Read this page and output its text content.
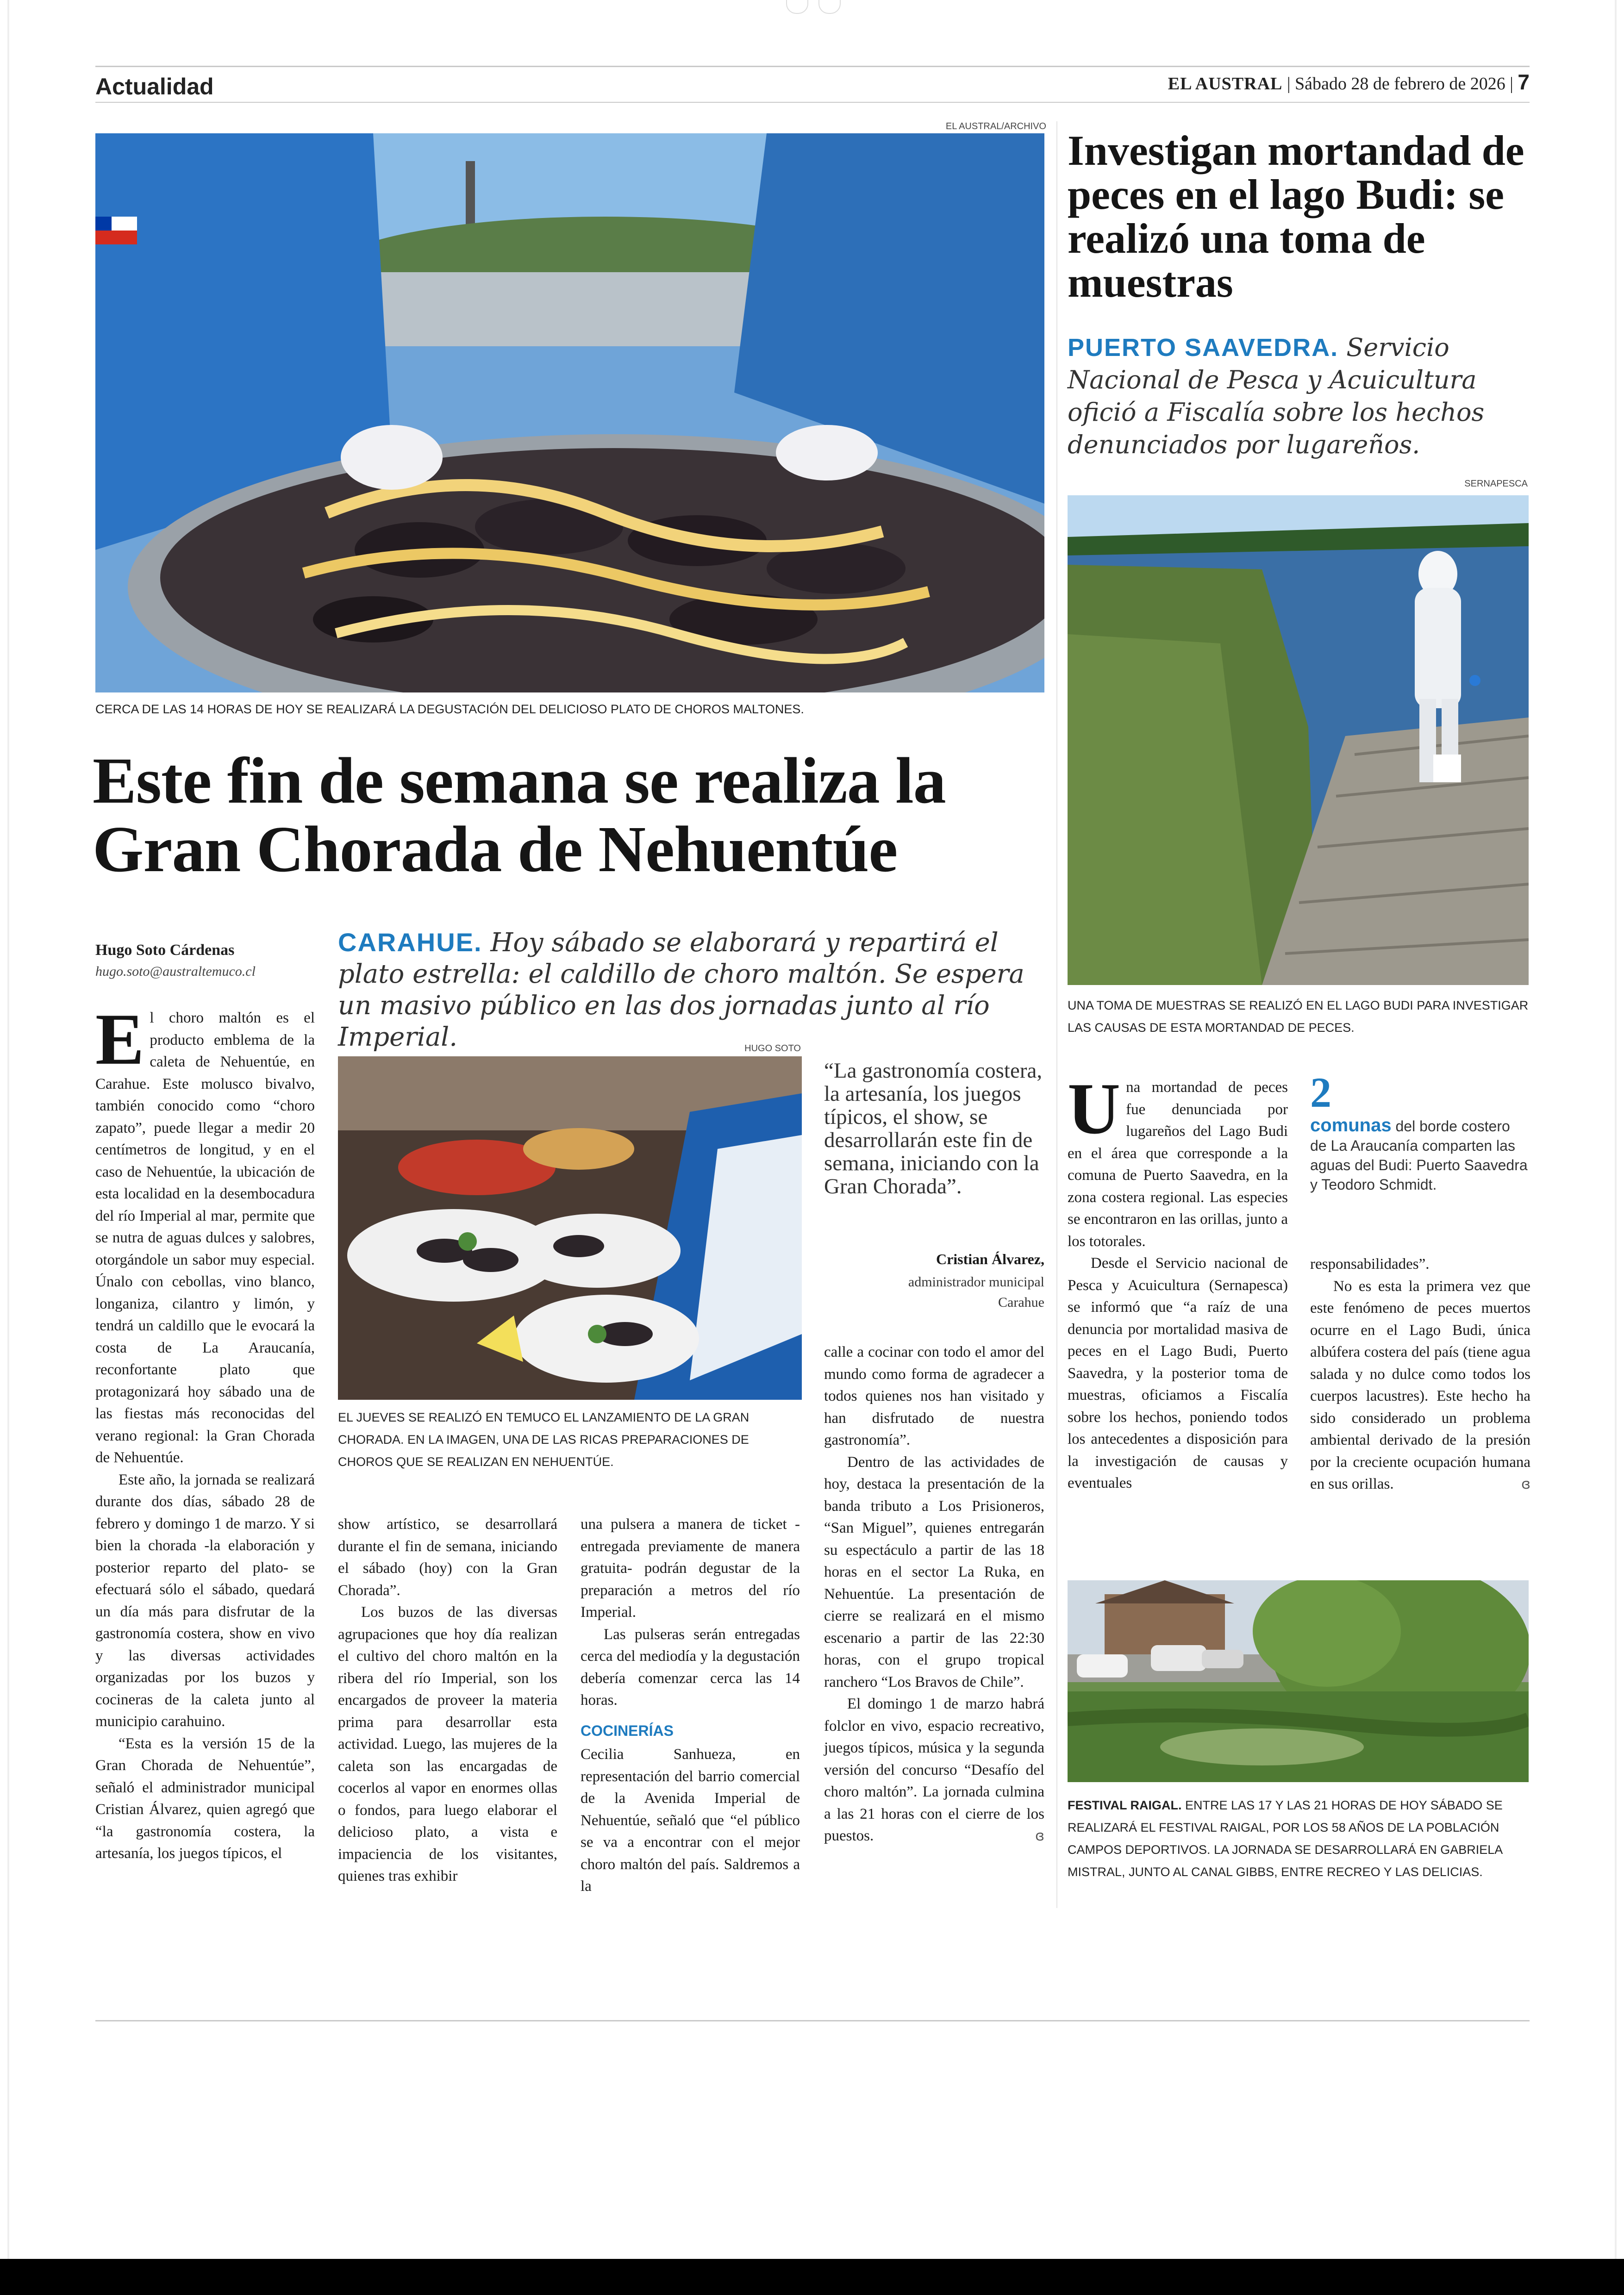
Actualidad	EL AUSTRAL | Sábado 28 de febrero de 2026 | 7
EL AUSTRAL/ARCHIVO
CERCA DE LAS 14 HORAS DE HOY SE REALIZARÁ LA DEGUSTACIÓN DEL DELICIOSO PLATO DE CHOROS MALTONES.
Este fin de semana se realiza la Gran Chorada de Nehuentúe
Hugo Soto Cárdenas
hugo.soto@australtemuco.cl
CARAHUE. Hoy sábado se elaborará y repartirá el plato estrella: el caldillo de choro maltón. Se espera un masivo público en las dos jornadas junto al río Imperial.

El choro maltón es el producto emblema de la caleta de Nehuentúe, en Carahue. Este molusco bivalvo, también conocido como “choro zapato”, puede llegar a medir 20 centímetros de longitud, y en el caso de Nehuentúe, la ubicación de esta localidad en la desembocadura del río Imperial al mar, permite que se nutra de aguas dulces y salobres, otorgándole un sabor muy especial. Únalo con cebollas, vino blanco, longaniza, cilantro y limón, y tendrá un caldillo que le evocará la costa de La Araucanía, reconfortante plato que protagonizará hoy sábado una de las fiestas más reconocidas del verano regional: la Gran Chorada de Nehuentúe.

Este año, la jornada se realizará durante dos días, sábado 28 de febrero y domingo 1 de marzo. Y si bien la chorada -la elaboración y posterior reparto del plato- se efectuará sólo el sábado, quedará un día más para disfrutar de la gastronomía costera, show en vivo y las diversas actividades organizadas por los buzos y cocineras de la caleta junto al municipio carahuino.

“Esta es la versión 15 de la Gran Chorada de Nehuentúe”, señaló el administrador municipal Cristian Álvarez, quien agregó que “la gastronomía costera, la artesanía, los juegos típicos, el

HUGO SOTO
EL JUEVES SE REALIZÓ EN TEMUCO EL LANZAMIENTO DE LA GRAN CHORADA. EN LA IMAGEN, UNA DE LAS RICAS PREPARACIONES DE CHOROS QUE SE REALIZAN EN NEHUENTÚE.

show artístico, se desarrollará durante el fin de semana, iniciando el sábado (hoy) con la Gran Chorada”.

Los buzos de las diversas agrupaciones que hoy día realizan el cultivo del choro maltón en la ribera del río Imperial, son los encargados de proveer la materia prima para desarrollar esta actividad. Luego, las mujeres de la caleta son las encargadas de cocerlos al vapor en enormes ollas o fondos, para luego elaborar el delicioso plato, a vista e impaciencia de los visitantes, quienes tras exhibir

una pulsera a manera de ticket -entregada previamente de manera gratuita- podrán degustar de la preparación a metros del río Imperial.

Las pulseras serán entregadas cerca del mediodía y la degustación debería comenzar cerca las 14 horas.

COCINERÍAS

Cecilia Sanhueza, en representación del barrio comercial de la Avenida Imperial de Nehuentúe, señaló que “el público se va a encontrar con el mejor choro maltón del país. Saldremos a la

“La gastronomía costera, la artesanía, los juegos típicos, el show, se desarrollarán este fin de semana, iniciando con la Gran Chorada”.
Cristian Álvarez,
administrador municipal
Carahue

calle a cocinar con todo el amor del mundo como forma de agradecer a todos quienes nos han visitado y han disfrutado de nuestra gastronomía”.

Dentro de las actividades de hoy, destaca la presentación de la banda tributo a Los Prisioneros, “San Miguel”, quienes entregarán su espectáculo a partir de las 18 horas en el sector La Ruka, en Nehuentúe. La presentación de cierre se realizará en el mismo escenario a partir de las 22:30 horas, con el grupo tropical ranchero “Los Bravos de Chile”.

El domingo 1 de marzo habrá folclor en vivo, espacio recreativo, juegos típicos, música y la segunda versión del concurso “Desafío del choro maltón”. La jornada culmina a las 21 horas con el cierre de los puestos.	ɞ

Investigan mortandad de peces en el lago Budi: se realizó una toma de muestras
PUERTO SAAVEDRA. Servicio Nacional de Pesca y Acuicultura ofició a Fiscalía sobre los hechos denunciados por lugareños.
SERNAPESCA
UNA TOMA DE MUESTRAS SE REALIZÓ EN EL LAGO BUDI PARA INVESTIGAR LAS CAUSAS DE ESTA MORTANDAD DE PECES.

Una mortandad de peces fue denunciada por lugareños del Lago Budi en el área que corresponde a la comuna de Puerto Saavedra, en la zona costera regional. Las especies se encontraron en las orillas, junto a los totorales.

Desde el Servicio nacional de Pesca y Acuicultura (Sernapesca) se informó que “a raíz de una denuncia por mortalidad masiva de peces en el Lago Budi, Puerto Saavedra, y la posterior toma de muestras, oficiamos a Fiscalía sobre los hechos, poniendo todos los antecedentes a disposición para la investigación de causas y eventuales

2
comunas del borde costero de La Araucanía comparten las aguas del Budi: Puerto Saavedra y Teodoro Schmidt.

responsabilidades”.

No es esta la primera vez que este fenómeno de peces muertos ocurre en el Lago Budi, única albúfera costera del país (tiene agua salada y no dulce como todos los cuerpos lacustres). Este hecho ha sido considerado un problema ambiental derivado de la presión por la creciente ocupación humana en sus orillas.	ɞ

FESTIVAL RAIGAL. ENTRE LAS 17 Y LAS 21 HORAS DE HOY SÁBADO SE REALIZARÁ EL FESTIVAL RAIGAL, POR LOS 58 AÑOS DE LA POBLACIÓN CAMPOS DEPORTIVOS. LA JORNADA SE DESARROLLARÁ EN GABRIELA MISTRAL, JUNTO AL CANAL GIBBS, ENTRE RECREO Y LAS DELICIAS.
